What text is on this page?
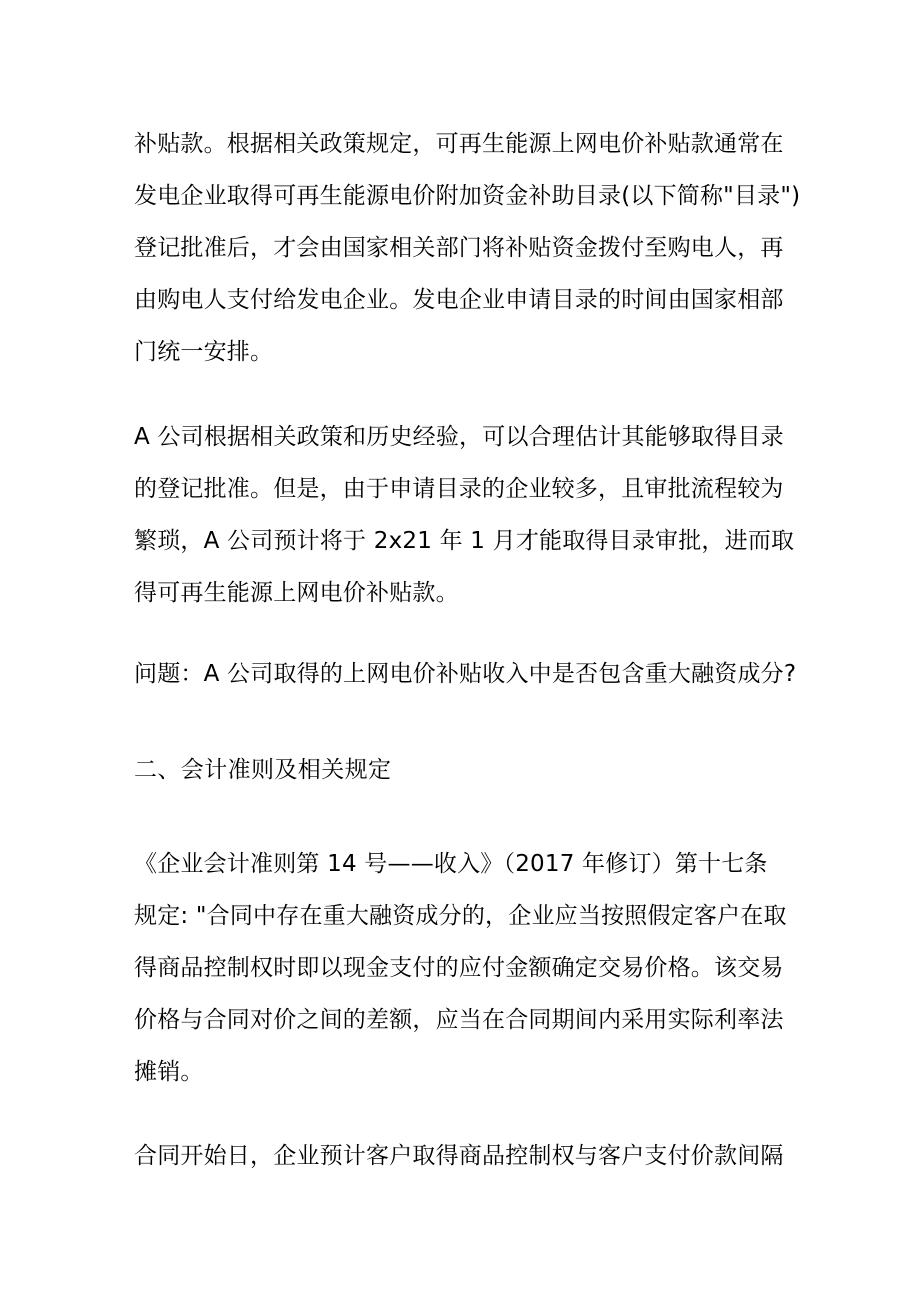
补贴款。根据相关政策规定，可再生能源上网电价补贴款通常在
发电企业取得可再生能源电价附加资金补助目录(以下简称"目录")
登记批准后，才会由国家相关部门将补贴资金拨付至购电人，再
由购电人支付给发电企业。发电企业申请目录的时间由国家相部
门统一安排。
A 公司根据相关政策和历史经验，可以合理估计其能够取得目录
的登记批准。但是，由于申请目录的企业较多，且审批流程较为
繁琐，A 公司预计将于 2x21 年 1 月才能取得目录审批，进而取
得可再生能源上网电价补贴款。
问题：A 公司取得的上网电价补贴收入中是否包含重大融资成分?
二、会计准则及相关规定
《企业会计准则第 14 号——收入》（2017 年修订）第十七条
规定: "合同中存在重大融资成分的，企业应当按照假定客户在取
得商品控制权时即以现金支付的应付金额确定交易价格。该交易
价格与合同对价之间的差额，应当在合同期间内采用实际利率法
摊销。
合同开始日，企业预计客户取得商品控制权与客户支付价款间隔
